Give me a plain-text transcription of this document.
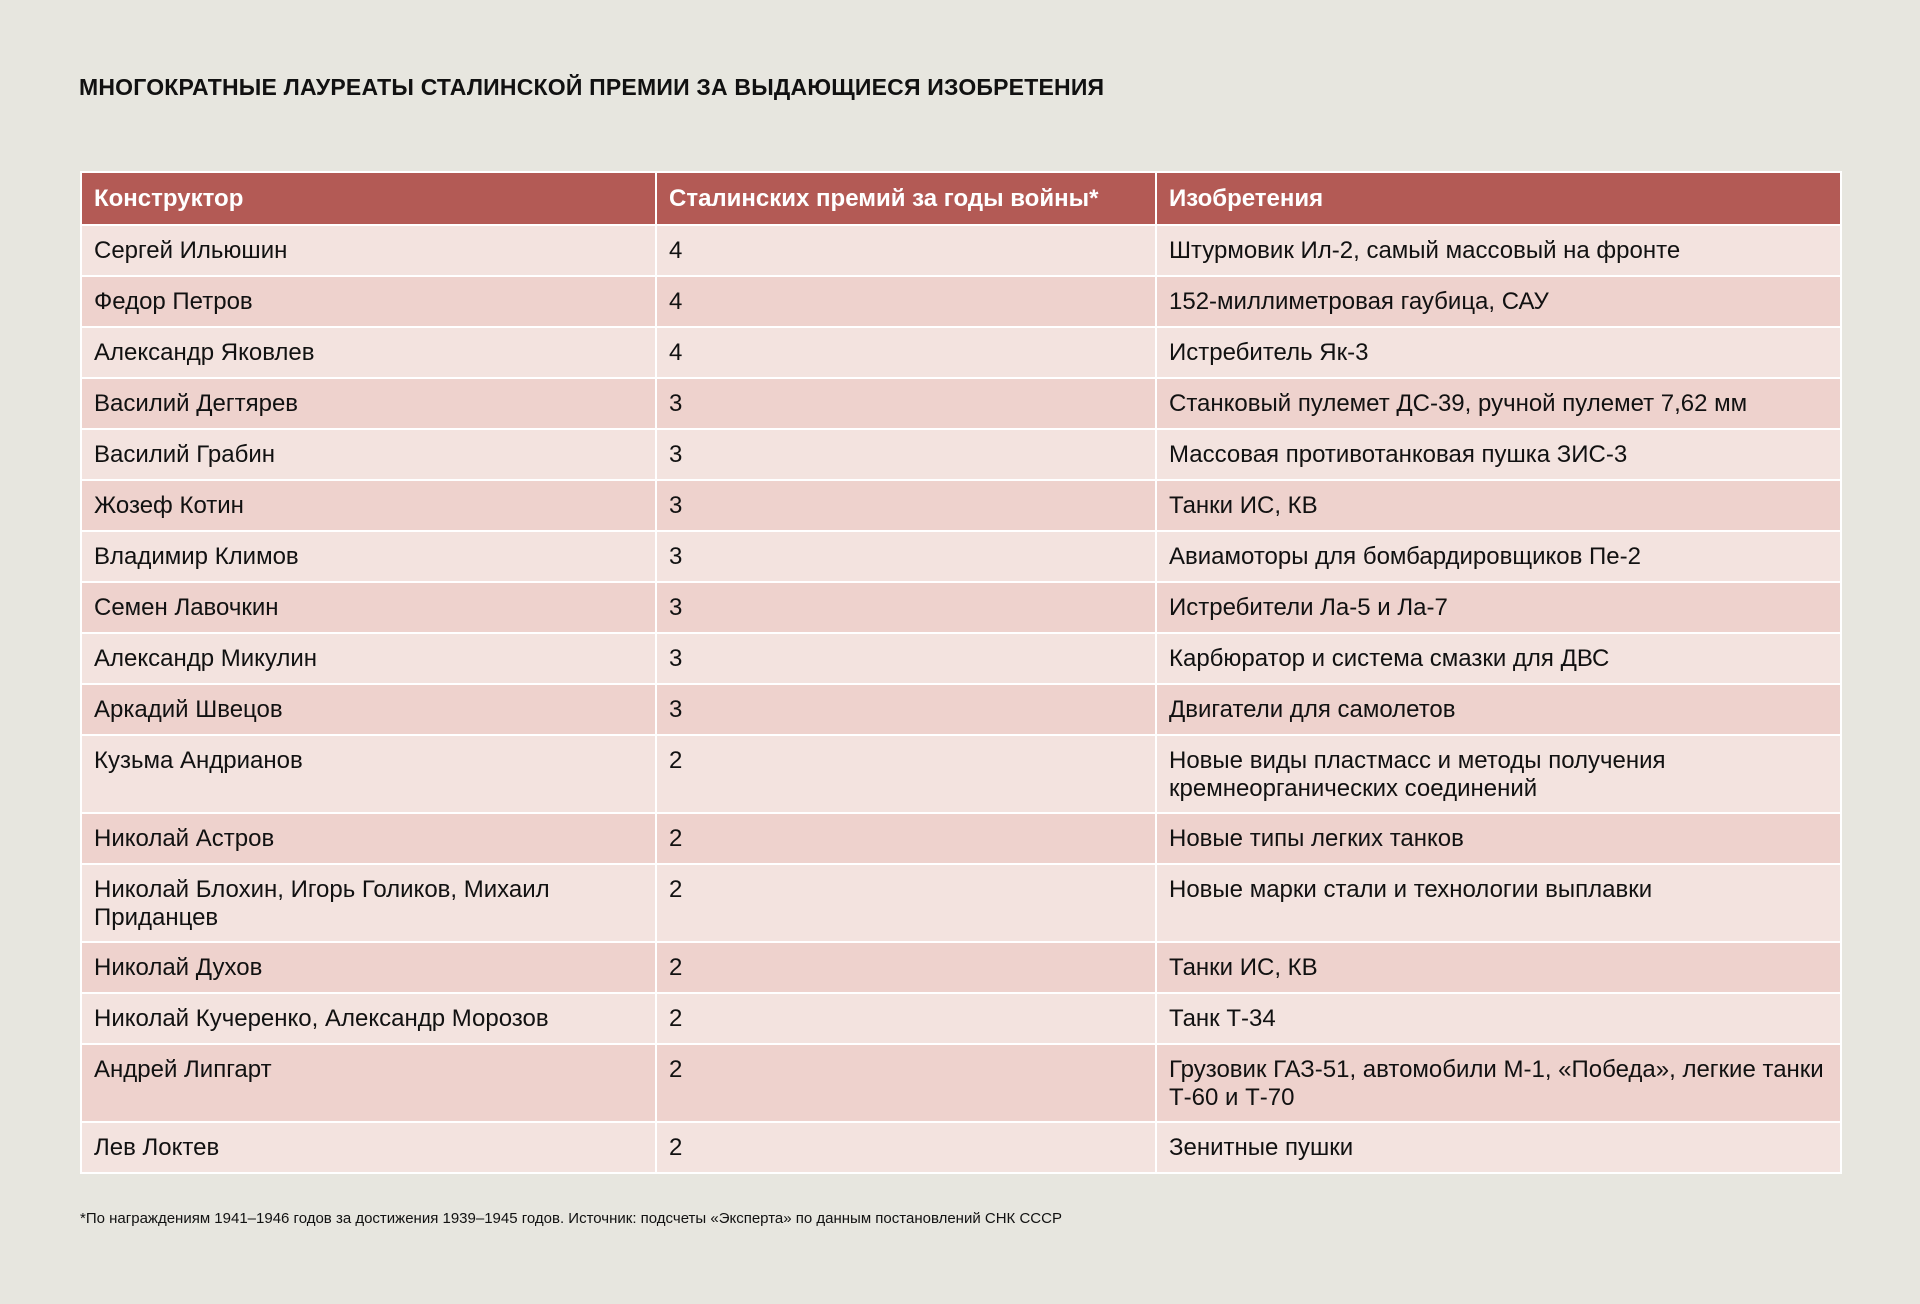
МНОГОКРАТНЫЕ ЛАУРЕАТЫ СТАЛИНСКОЙ ПРЕМИИ ЗА ВЫДАЮЩИЕСЯ ИЗОБРЕТЕНИЯ
Конструктор	Сталинских премий за годы войны*	Изобретения
Сергей Ильюшин	4	Штурмовик Ил-2, самый массовый на фронте
Федор Петров	4	152-миллиметровая гаубица, САУ
Александр Яковлев	4	Истребитель Як-3
Василий Дегтярев	3	Станковый пулемет ДС-39, ручной пулемет 7,62 мм
Василий Грабин	3	Массовая противотанковая пушка ЗИС-3
Жозеф Котин	3	Танки ИС, КВ
Владимир Климов	3	Авиамоторы для бомбардировщиков Пе-2
Семен Лавочкин	3	Истребители Ла-5 и Ла-7
Александр Микулин	3	Карбюратор и система смазки для ДВС
Аркадий Швецов	3	Двигатели для самолетов
Кузьма Андрианов	2	Новые виды пластмасс и методы получения кремнеорганических соединений
Николай Астров	2	Новые типы легких танков
Николай Блохин, Игорь Голиков, Михаил Приданцев	2	Новые марки стали и технологии выплавки
Николай Духов	2	Танки ИС, КВ
Николай Кучеренко, Александр Морозов	2	Танк Т-34
Андрей Липгарт	2	Грузовик ГАЗ-51, автомобили М-1, «Победа», легкие танки Т-60 и Т-70
Лев Локтев	2	Зенитные пушки
*По награждениям 1941–1946 годов за достижения 1939–1945 годов. Источник: подсчеты «Эксперта» по данным постановлений СНК СССР
